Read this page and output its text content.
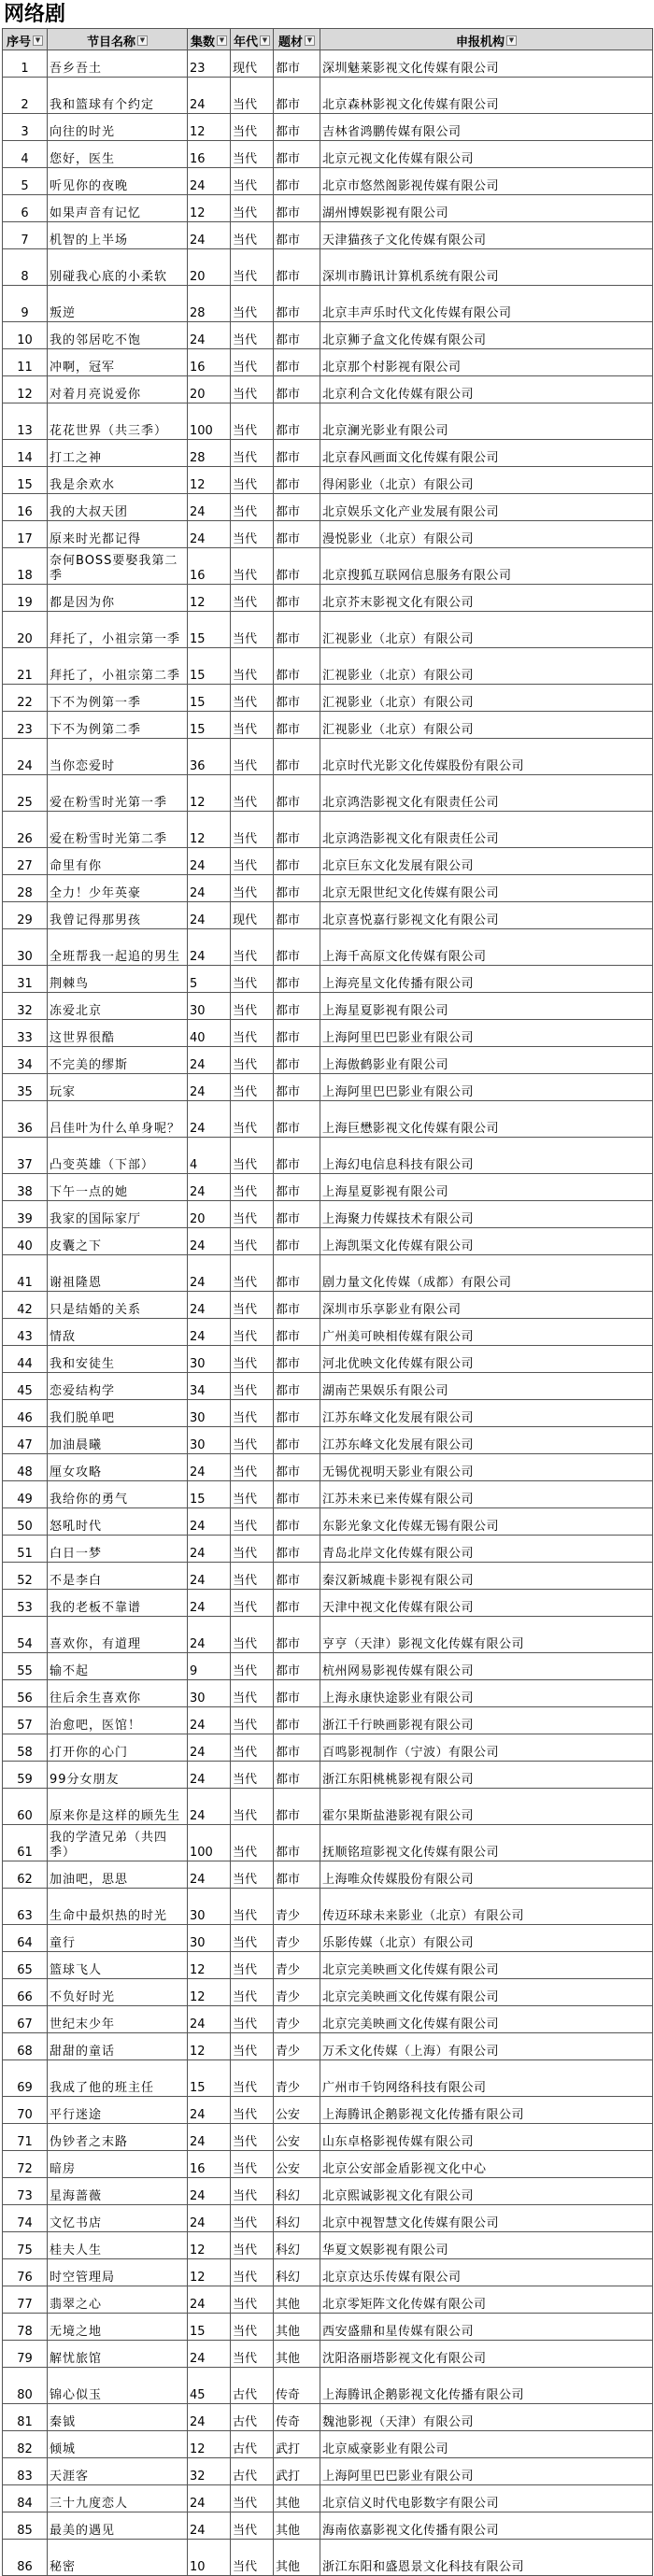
网络剧
序号 ▼	节目名称 ▼	集数 ▼	年代 ▼	题材 ▼	申报机构 ▼

1	吾乡吾土	23	现代	都市	深圳魅莱影视文化传媒有限公司
2	我和篮球有个约定	24	当代	都市	北京森林影视文化传媒有限公司
3	向往的时光	12	当代	都市	吉林省鸿鹏传媒有限公司
4	您好，医生	16	当代	都市	北京元视文化传媒有限公司
5	听见你的夜晚	24	当代	都市	北京市悠然阁影视传媒有限公司
6	如果声音有记忆	12	当代	都市	湖州博娱影视有限公司
7	机智的上半场	24	当代	都市	天津猫孩子文化传媒有限公司
8	别碰我心底的小柔软	20	当代	都市	深圳市腾讯计算机系统有限公司
9	叛逆	28	当代	都市	北京丰声乐时代文化传媒有限公司
10	我的邻居吃不饱	24	当代	都市	北京狮子盒文化传媒有限公司
11	冲啊，冠军	16	当代	都市	北京那个村影视有限公司
12	对着月亮说爱你	20	当代	都市	北京利合文化传媒有限公司
13	花花世界（共三季）	100	当代	都市	北京澜光影业有限公司
14	打工之神	28	当代	都市	北京春风画面文化传媒有限公司
15	我是余欢水	12	当代	都市	得闲影业（北京）有限公司
16	我的大叔天团	24	当代	都市	北京娱乐文化产业发展有限公司
17	原来时光都记得	24	当代	都市	漫悦影业（北京）有限公司
18	奈何BOSS要娶我第二季	16	当代	都市	北京搜狐互联网信息服务有限公司
19	都是因为你	12	当代	都市	北京芥末影视文化有限公司
20	拜托了，小祖宗第一季	15	当代	都市	汇视影业（北京）有限公司
21	拜托了，小祖宗第二季	15	当代	都市	汇视影业（北京）有限公司
22	下不为例第一季	15	当代	都市	汇视影业（北京）有限公司
23	下不为例第二季	15	当代	都市	汇视影业（北京）有限公司
24	当你恋爱时	36	当代	都市	北京时代光影文化传媒股份有限公司
25	爱在粉雪时光第一季	12	当代	都市	北京鸿浩影视文化有限责任公司
26	爱在粉雪时光第二季	12	当代	都市	北京鸿浩影视文化有限责任公司
27	命里有你	24	当代	都市	北京巨东文化发展有限公司
28	全力！少年英豪	24	当代	都市	北京无限世纪文化传媒有限公司
29	我曾记得那男孩	24	现代	都市	北京喜悦嘉行影视文化有限公司
30	全班帮我一起追的男生	24	当代	都市	上海千高原文化传媒有限公司
31	荆棘鸟	5	当代	都市	上海亮星文化传播有限公司
32	冻爱北京	30	当代	都市	上海星夏影视有限公司
33	这世界很酷	40	当代	都市	上海阿里巴巴影业有限公司
34	不完美的缪斯	24	当代	都市	上海傲鹤影业有限公司
35	玩家	24	当代	都市	上海阿里巴巴影业有限公司
36	吕佳叶为什么单身呢？	24	当代	都市	上海巨懋影视文化传媒有限公司
37	凸变英雄（下部）	4	当代	都市	上海幻电信息科技有限公司
38	下午一点的她	24	当代	都市	上海星夏影视有限公司
39	我家的国际家厅	20	当代	都市	上海聚力传媒技术有限公司
40	皮囊之下	24	当代	都市	上海凯渠文化传媒有限公司
41	谢祖隆恩	24	当代	都市	剧力量文化传媒（成都）有限公司
42	只是结婚的关系	24	当代	都市	深圳市乐享影业有限公司
43	情敌	24	当代	都市	广州美可映相传媒有限公司
44	我和安徒生	30	当代	都市	河北优映文化传媒有限公司
45	恋爱结构学	34	当代	都市	湖南芒果娱乐有限公司
46	我们脱单吧	30	当代	都市	江苏东峰文化发展有限公司
47	加油晨曦	30	当代	都市	江苏东峰文化发展有限公司
48	厘女攻略	24	当代	都市	无锡优视明天影业有限公司
49	我给你的勇气	15	当代	都市	江苏未来已来传媒有限公司
50	怒吼时代	24	当代	都市	东影光象文化传媒无锡有限公司
51	白日一梦	24	当代	都市	青岛北岸文化传媒有限公司
52	不是李白	24	当代	都市	秦汉新城鹿卡影视有限公司
53	我的老板不靠谱	24	当代	都市	天津中视文化传媒有限公司
54	喜欢你，有道理	24	当代	都市	亨亨（天津）影视文化传媒有限公司
55	输不起	9	当代	都市	杭州网易影视传媒有限公司
56	往后余生喜欢你	30	当代	都市	上海永康快途影业有限公司
57	治愈吧，医馆！	24	当代	都市	浙江千行映画影视有限公司
58	打开你的心门	24	当代	都市	百鸣影视制作（宁波）有限公司
59	99分女朋友	24	当代	都市	浙江东阳桃桃影视有限公司
60	原来你是这样的顾先生	24	当代	都市	霍尔果斯盐港影视有限公司
61	我的学渣兄弟（共四季）	100	当代	都市	抚顺铭瑄影视文化传媒有限公司
62	加油吧，思思	24	当代	都市	上海唯众传媒股份有限公司
63	生命中最炽热的时光	30	当代	青少	传迈环球未来影业（北京）有限公司
64	童行	30	当代	青少	乐影传媒（北京）有限公司
65	篮球飞人	12	当代	青少	北京完美映画文化传媒有限公司
66	不负好时光	12	当代	青少	北京完美映画文化传媒有限公司
67	世纪末少年	24	当代	青少	北京完美映画文化传媒有限公司
68	甜甜的童话	12	当代	青少	万禾文化传媒（上海）有限公司
69	我成了他的班主任	15	当代	青少	广州市千钧网络科技有限公司
70	平行迷途	24	当代	公安	上海腾讯企鹅影视文化传播有限公司
71	伪钞者之末路	24	当代	公安	山东卓格影视传媒有限公司
72	暗房	16	当代	公安	北京公安部金盾影视文化中心
73	星海蔷薇	24	当代	科幻	北京熙诚影视文化有限公司
74	文忆书店	24	当代	科幻	北京中视智慧文化传媒有限公司
75	桂夫人生	12	当代	科幻	华夏文娱影视有限公司
76	时空管理局	12	当代	科幻	北京京达乐传媒有限公司
77	翡翠之心	24	当代	其他	北京零矩阵文化传媒有限公司
78	无境之地	15	当代	其他	西安盛鼎和星传媒有限公司
79	解忧旅馆	24	当代	其他	沈阳洛丽塔影视文化有限公司
80	锦心似玉	45	古代	传奇	上海腾讯企鹅影视文化传播有限公司
81	秦钺	24	古代	传奇	魏池影视（天津）有限公司
82	倾城	12	古代	武打	北京威豪影业有限公司
83	天涯客	32	古代	武打	上海阿里巴巴影业有限公司
84	三十九度恋人	24	当代	其他	北京信义时代电影数字有限公司
85	最美的遇见	24	当代	其他	海南依嘉影视文化传播有限公司
86	秘密	10	当代	其他	浙江东阳和盛恩景文化科技有限公司
